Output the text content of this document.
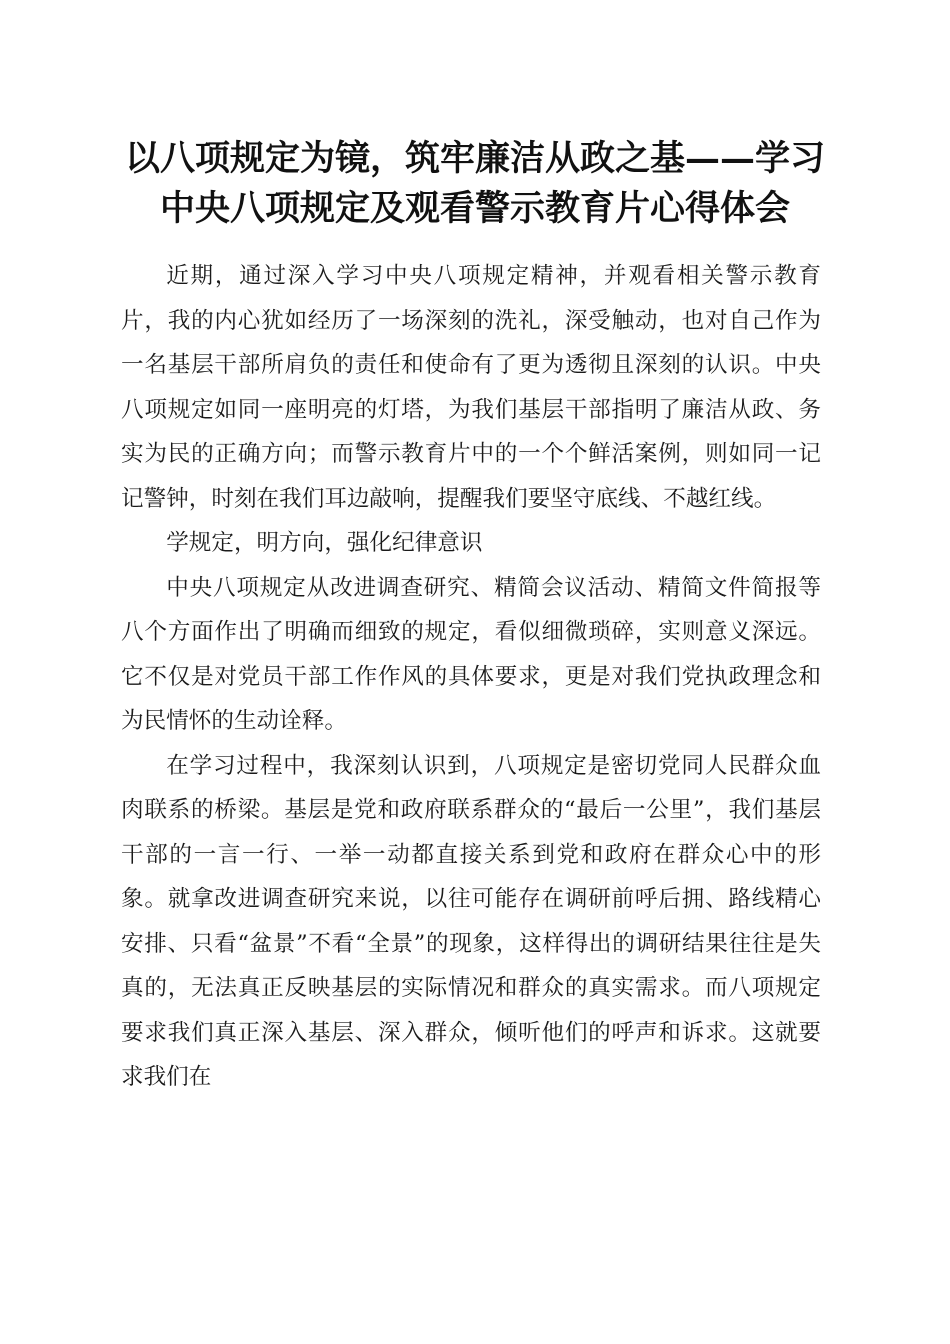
以八项规定为镜，筑牢廉洁从政之基——学习
中央八项规定及观看警示教育片心得体会

近期，通过深入学习中央八项规定精神，并观看相关警示教育片，我的内心犹如经历了一场深刻的洗礼，深受触动，也对自己作为一名基层干部所肩负的责任和使命有了更为透彻且深刻的认识。中央八项规定如同一座明亮的灯塔，为我们基层干部指明了廉洁从政、务实为民的正确方向；而警示教育片中的一个个鲜活案例，则如同一记记警钟，时刻在我们耳边敲响，提醒我们要坚守底线、不越红线。

学规定，明方向，强化纪律意识

中央八项规定从改进调查研究、精简会议活动、精简文件简报等八个方面作出了明确而细致的规定，看似细微琐碎，实则意义深远。它不仅是对党员干部工作作风的具体要求，更是对我们党执政理念和为民情怀的生动诠释。

在学习过程中，我深刻认识到，八项规定是密切党同人民群众血肉联系的桥梁。基层是党和政府联系群众的“最后一公里”，我们基层干部的一言一行、一举一动都直接关系到党和政府在群众心中的形象。就拿改进调查研究来说，以往可能存在调研前呼后拥、路线精心安排、只看“盆景”不看“全景”的现象，这样得出的调研结果往往是失真的，无法真正反映基层的实际情况和群众的真实需求。而八项规定要求我们真正深入基层、深入群众，倾听他们的呼声和诉求。这就要求我们在
